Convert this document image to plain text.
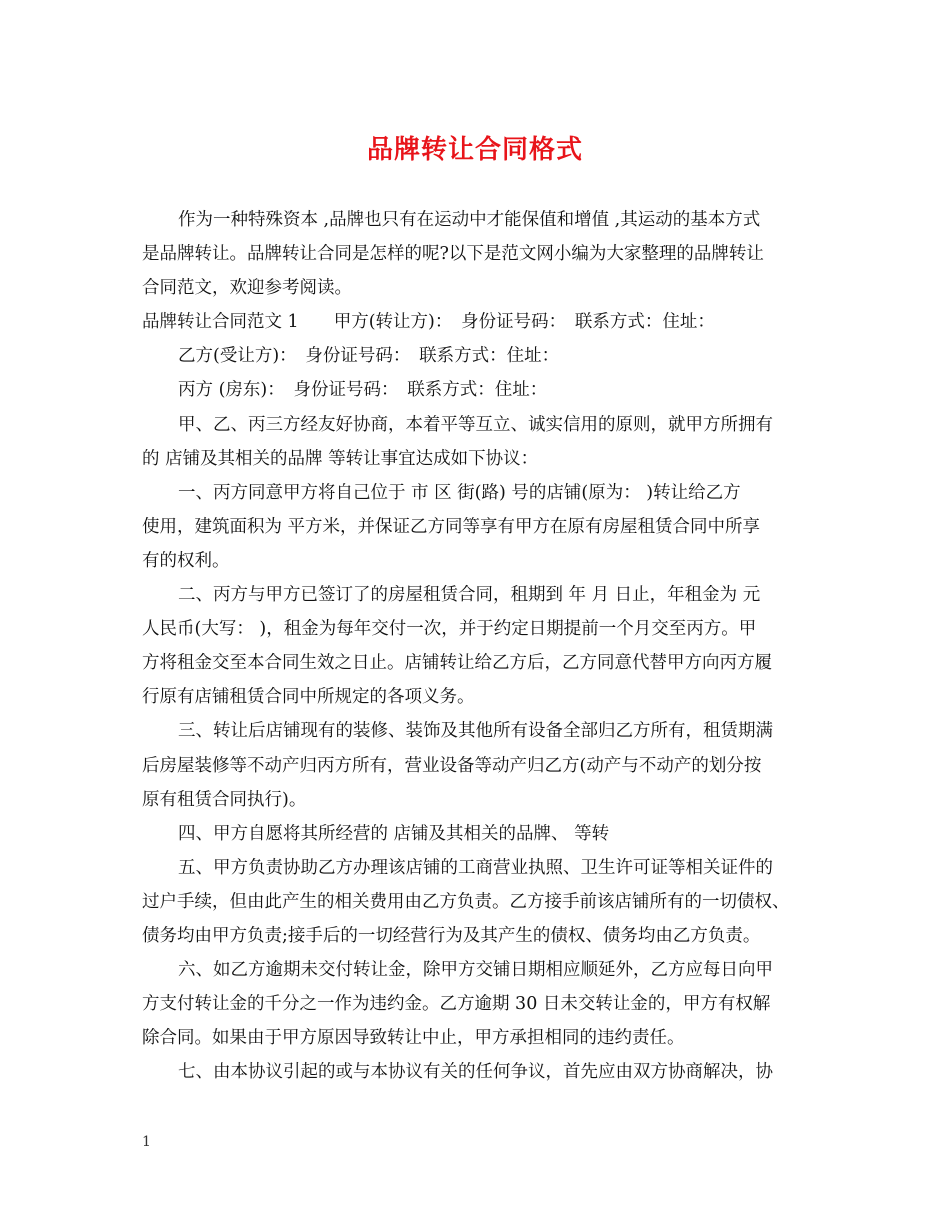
品牌转让合同格式
作为一种特殊资本 ,品牌也只有在运动中才能保值和增值 ,其运动的基本方式
是品牌转让。品牌转让合同是怎样的呢?以下是范文网小编为大家整理的品牌转让
合同范文，欢迎参考阅读。
品牌转让合同范文 1　　甲方(转让方)：　身份证号码：　联系方式：住址：
乙方(受让方)：　身份证号码：　联系方式：住址：
丙方 (房东)：　身份证号码：　联系方式：住址：
甲、乙、丙三方经友好协商，本着平等互立、诚实信用的原则，就甲方所拥有
的 店铺及其相关的品牌 等转让事宜达成如下协议：
一、丙方同意甲方将自己位于 市 区 街(路) 号的店铺(原为： )转让给乙方
使用，建筑面积为 平方米，并保证乙方同等享有甲方在原有房屋租赁合同中所享
有的权利。
二、丙方与甲方已签订了的房屋租赁合同，租期到 年 月 日止，年租金为 元
人民币(大写： )，租金为每年交付一次，并于约定日期提前一个月交至丙方。甲
方将租金交至本合同生效之日止。店铺转让给乙方后，乙方同意代替甲方向丙方履
行原有店铺租赁合同中所规定的各项义务。
三、转让后店铺现有的装修、装饰及其他所有设备全部归乙方所有，租赁期满
后房屋装修等不动产归丙方所有，营业设备等动产归乙方(动产与不动产的划分按
原有租赁合同执行)。
四、甲方自愿将其所经营的 店铺及其相关的品牌、 等转
五、甲方负责协助乙方办理该店铺的工商营业执照、卫生许可证等相关证件的
过户手续，但由此产生的相关费用由乙方负责。乙方接手前该店铺所有的一切债权、
债务均由甲方负责;接手后的一切经营行为及其产生的债权、债务均由乙方负责。
六、如乙方逾期未交付转让金，除甲方交铺日期相应顺延外，乙方应每日向甲
方支付转让金的千分之一作为违约金。乙方逾期 30 日未交转让金的，甲方有权解
除合同。如果由于甲方原因导致转让中止，甲方承担相同的违约责任。
七、由本协议引起的或与本协议有关的任何争议，首先应由双方协商解决，协
1
